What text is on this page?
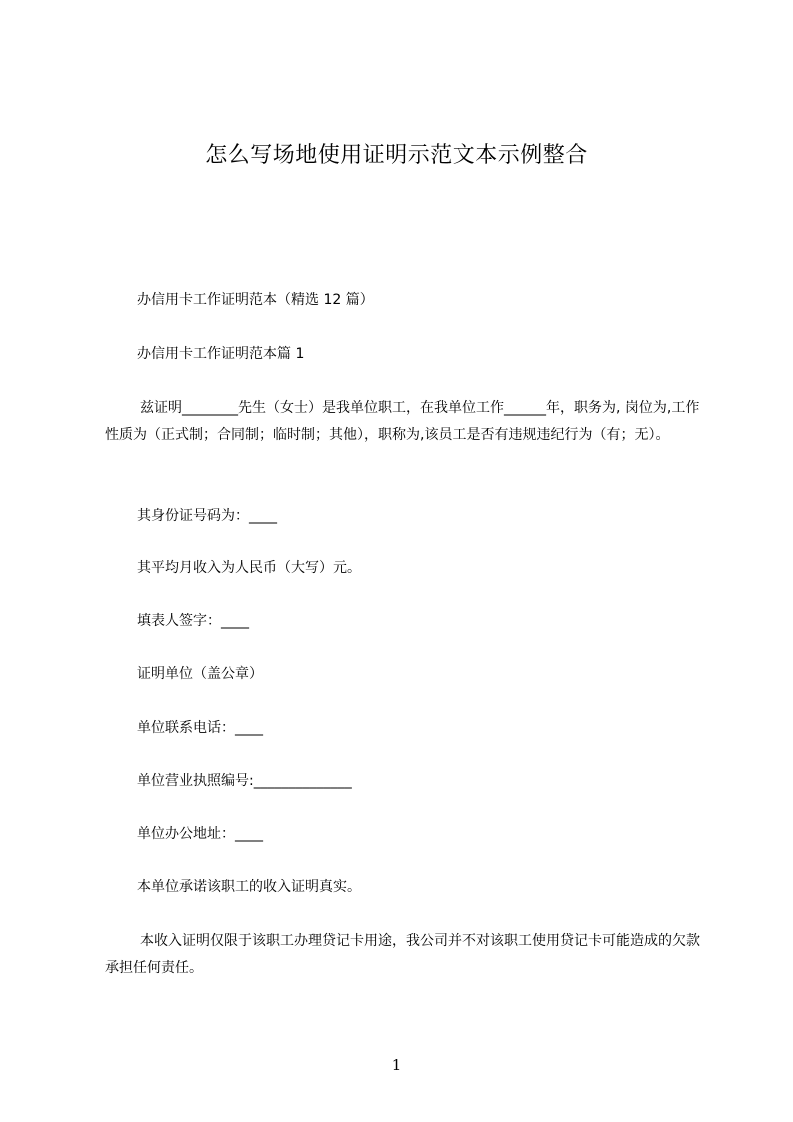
怎么写场地使用证明示范文本示例整合

办信用卡工作证明范本（精选 12 篇）

办信用卡工作证明范本篇 1

兹证明________先生（女士）是我单位职工，在我单位工作______年，职务为, 岗位为,工作性质为（正式制；合同制；临时制；其他），职称为,该员工是否有违规违纪行为（有；无）。

其身份证号码为：____

其平均月收入为人民币（大写）元。

填表人签字：____

证明单位（盖公章）

单位联系电话：____

单位营业执照编号:______________

单位办公地址：____

本单位承诺该职工的收入证明真实。

本收入证明仅限于该职工办理贷记卡用途，我公司并不对该职工使用贷记卡可能造成的欠款承担任何责任。

1
